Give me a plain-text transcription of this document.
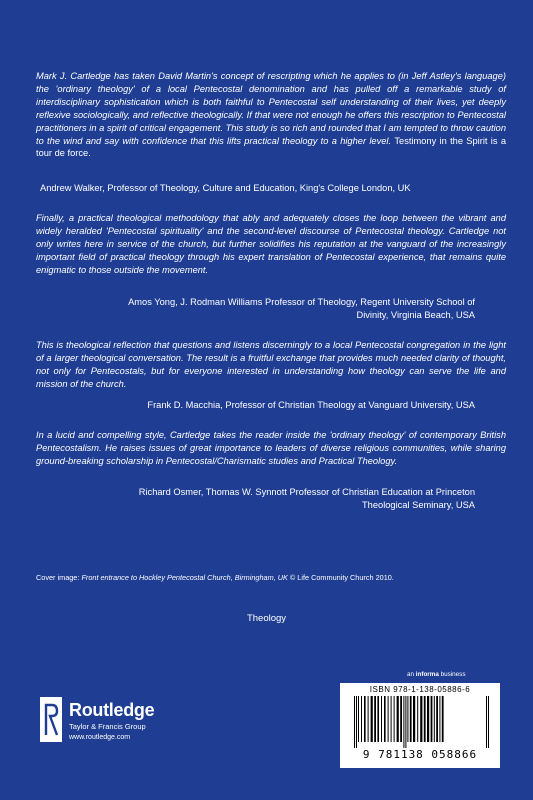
Mark J. Cartledge has taken David Martin's concept of rescripting which he applies to (in Jeff Astley's language) the 'ordinary theology' of a local Pentecostal denomination and has pulled off a remarkable study of interdisciplinary sophistication which is both faithful to Pentecostal self understanding of their lives, yet deeply reflexive sociologically, and reflective theologically. If that were not enough he offers this rescription to Pentecostal practitioners in a spirit of critical engagement. This study is so rich and rounded that I am tempted to throw caution to the wind and say with confidence that this lifts practical theology to a higher level. Testimony in the Spirit is a tour de force.

Andrew Walker, Professor of Theology, Culture and Education, King's College London, UK

Finally, a practical theological methodology that ably and adequately closes the loop between the vibrant and widely heralded 'Pentecostal spirituality' and the second-level discourse of Pentecostal theology. Cartledge not only writes here in service of the church, but further solidifies his reputation at the vanguard of the increasingly important field of practical theology through his expert translation of Pentecostal experience, that remains quite enigmatic to those outside the movement.

Amos Yong, J. Rodman Williams Professor of Theology, Regent University School of

Divinity, Virginia Beach, USA

This is theological reflection that questions and listens discerningly to a local Pentecostal congregation in the light of a larger theological conversation. The result is a fruitful exchange that provides much needed clarity of thought, not only for Pentecostals, but for everyone interested in understanding how theology can serve the life and mission of the church.

Frank D. Macchia, Professor of Christian Theology at Vanguard University, USA

In a lucid and compelling style, Cartledge takes the reader inside the 'ordinary theology' of contemporary British Pentecostalism. He raises issues of great importance to leaders of diverse religious communities, while sharing ground-breaking scholarship in Pentecostal/Charismatic studies and Practical Theology.

Richard Osmer, Thomas W. Synnott Professor of Christian Education at Princeton

Theological Seminary, USA

Cover image: Front entrance to Hockley Pentecostal Church, Birmingham, UK © Life Community Church 2010.
Theology
an informa business
ISBN 978-1-138-05886-6
9 781138 058866
Routledge
Taylor & Francis Group
www.routledge.com
